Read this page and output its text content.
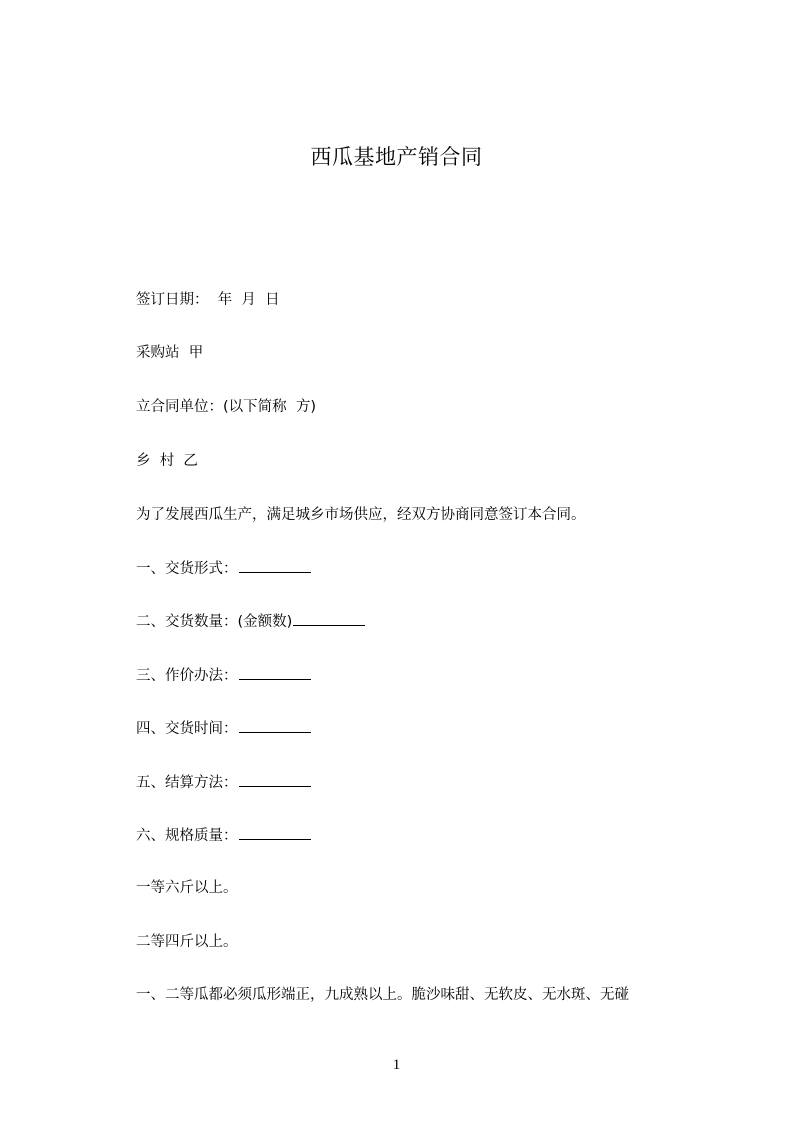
西瓜基地产销合同
签订日期：  年  月  日
采购站  甲
立合同单位：(以下简称  方)
乡  村  乙
为了发展西瓜生产，满足城乡市场供应，经双方协商同意签订本合同。
一、交货形式：
二、交货数量：(金额数)
三、作价办法：
四、交货时间：
五、结算方法：
六、规格质量：
一等六斤以上。
二等四斤以上。
一、二等瓜都必须瓜形端正，九成熟以上。脆沙味甜、无软皮、无水斑、无碰
1
